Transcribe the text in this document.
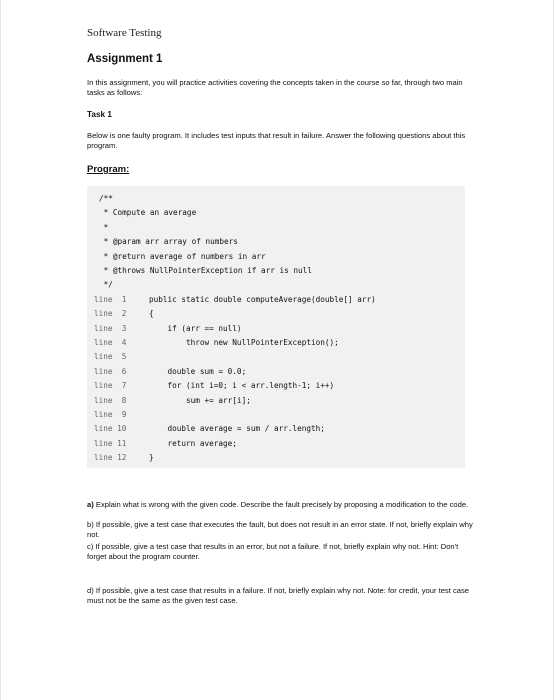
Software Testing
Assignment 1
In this assignment, you will practice activities covering the concepts taken in the course so far, through two main tasks as follows:
Task 1
Below is one faulty program. It includes test inputs that result in failure. Answer the following questions about this program.
Program:
/**
* Compute an average
*
* @param arr array of numbers
* @return average of numbers in arr
* @throws NullPointerException if arr is null
*/
line  1	public static double computeAverage(double[] arr)
line  2	{
line  3	if (arr == null)
line  4	throw new NullPointerException();
line  5
line  6	double sum = 0.0;
line  7	for (int i=0; i < arr.length-1; i++)
line  8	sum += arr[i];
line  9
line 10	double average = sum / arr.length;
line 11	return average;
line 12	}
a) Explain what is wrong with the given code. Describe the fault precisely by proposing a modification to the code.
b) If possible, give a test case that executes the fault, but does not result in an error state. If not, briefly explain why not.
c) If possible, give a test case that results in an error, but not a failure. If not, briefly explain why not. Hint: Don't forget about the program counter.
d) If possible, give a test case that results in a failure. If not, briefly explain why not. Note: for credit, your test case must not be the same as the given test case.
